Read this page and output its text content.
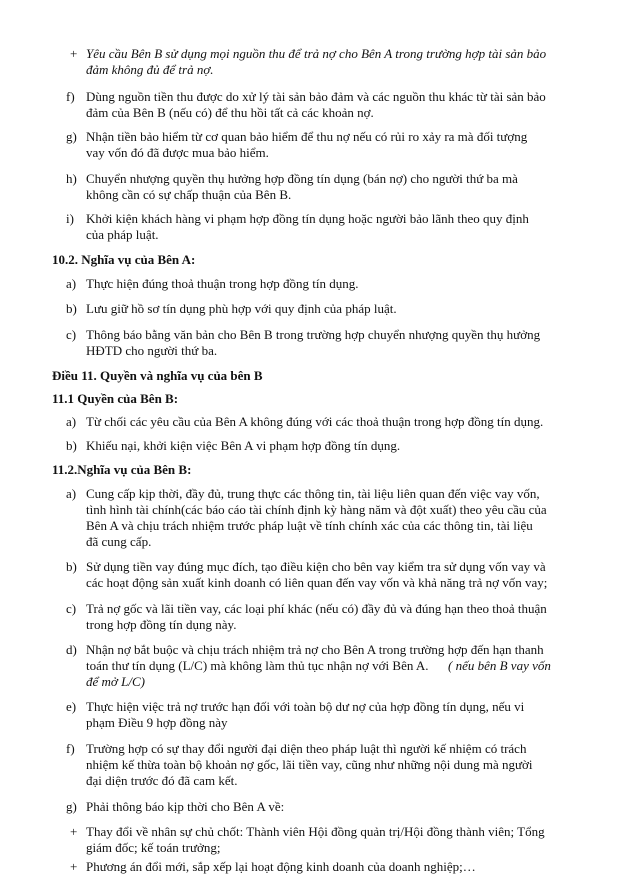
+ Yêu cầu Bên B sử dụng mọi nguồn thu để trả nợ cho Bên A trong trường hợp tài sản bảo
đảm không đủ để trả nợ.
f) Dùng nguồn tiền thu được do xử lý tài sản bảo đảm và các nguồn thu khác từ tài sản bảo
đảm của Bên B (nếu có) để thu hồi tất cả các khoản nợ.
g) Nhận tiền bảo hiểm từ cơ quan bảo hiểm để thu nợ nếu có rủi ro xảy ra mà đối tượng
vay vốn đó đã được mua bảo hiểm.
h) Chuyển nhượng quyền thụ hưởng hợp đồng tín dụng (bán nợ) cho người thứ ba mà
không cần có sự chấp thuận của Bên B.
i) Khởi kiện khách hàng vi phạm hợp đồng tín dụng hoặc người bảo lãnh theo quy định
của pháp luật.
10.2. Nghĩa vụ của Bên A:
a) Thực hiện đúng thoả thuận trong hợp đồng tín dụng.
b) Lưu giữ hồ sơ tín dụng phù hợp với quy định của pháp luật.
c) Thông báo bằng văn bản cho Bên B trong trường hợp chuyển nhượng quyền thụ hưởng
HĐTD cho người thứ ba.
Điều 11. Quyền và nghĩa vụ của bên B
11.1 Quyền của Bên B:
a) Từ chối các yêu cầu của Bên A không đúng với các thoả thuận trong hợp đồng tín dụng.
b) Khiếu nại, khởi kiện việc Bên A vi phạm hợp đồng tín dụng.
11.2.Nghĩa vụ của Bên B:
a) Cung cấp kịp thời, đầy đủ, trung thực các thông tin, tài liệu liên quan đến việc vay vốn,
tình hình tài chính(các báo cáo tài chính định kỳ hàng năm và đột xuất) theo yêu cầu của
Bên A và chịu trách nhiệm trước pháp luật về tính chính xác của các thông tin, tài liệu
đã cung cấp.
b) Sử dụng tiền vay đúng mục đích, tạo điều kiện cho bên vay kiểm tra sử dụng vốn vay và
các hoạt động sản xuất kinh doanh có liên quan đến vay vốn và khả năng trả nợ vốn vay;
c) Trả nợ gốc và lãi tiền vay, các loại phí khác (nếu có) đầy đủ và đúng hạn theo thoả thuận
trong hợp đồng tín dụng này.
d) Nhận nợ bắt buộc và chịu trách nhiệm trả nợ cho Bên A trong trường hợp đến hạn thanh
toán thư tín dụng (L/C) mà không làm thủ tục nhận nợ với Bên A. ( nếu bên B vay vốn
để mở L/C)
e) Thực hiện việc trả nợ trước hạn đối với toàn bộ dư nợ của hợp đồng tín dụng, nếu vi
phạm Điều 9 hợp đồng này
f) Trường hợp có sự thay đổi người đại diện theo pháp luật thì người kế nhiệm có trách
nhiệm kế thừa toàn bộ khoản nợ gốc, lãi tiền vay, cũng như những nội dung mà người
đại diện trước đó đã cam kết.
g) Phải thông báo kịp thời cho Bên A về:
+ Thay đổi về nhân sự chủ chốt: Thành viên Hội đồng quản trị/Hội đồng thành viên; Tổng
giám đốc; kế toán trưởng;
+ Phương án đổi mới, sắp xếp lại hoạt động kinh doanh của doanh nghiệp;…
